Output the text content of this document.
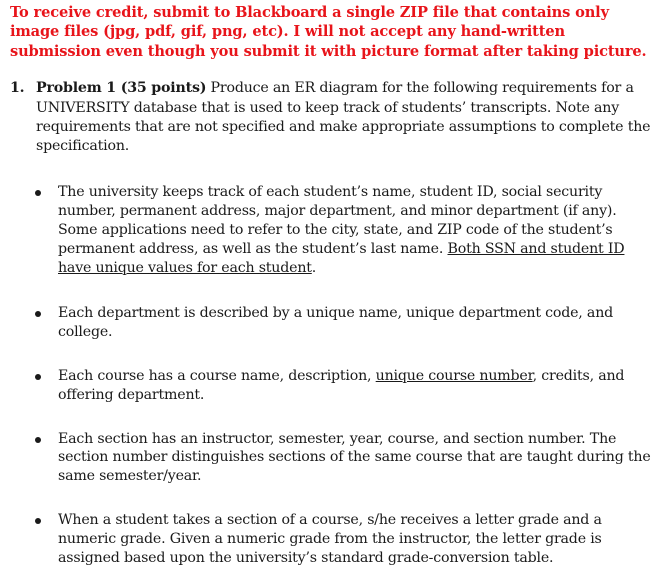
To receive credit, submit to Blackboard a single ZIP file that contains only image files (jpg, pdf, gif, png, etc). I will not accept any hand-written submission even though you submit it with picture format after taking picture.

1. Problem 1 (35 points) Produce an ER diagram for the following requirements for a UNIVERSITY database that is used to keep track of students’ transcripts. Note any requirements that are not specified and make appropriate assumptions to complete the specification.
The university keeps track of each student’s name, student ID, social security number, permanent address, major department, and minor department (if any). Some applications need to refer to the city, state, and ZIP code of the student’s permanent address, as well as the student’s last name. Both SSN and student ID have unique values for each student.
Each department is described by a unique name, unique department code, and college.
Each course has a course name, description, unique course number, credits, and offering department.
Each section has an instructor, semester, year, course, and section number. The section number distinguishes sections of the same course that are taught during the same semester/year.
When a student takes a section of a course, s/he receives a letter grade and a numeric grade. Given a numeric grade from the instructor, the letter grade is assigned based upon the university’s standard grade-conversion table.
